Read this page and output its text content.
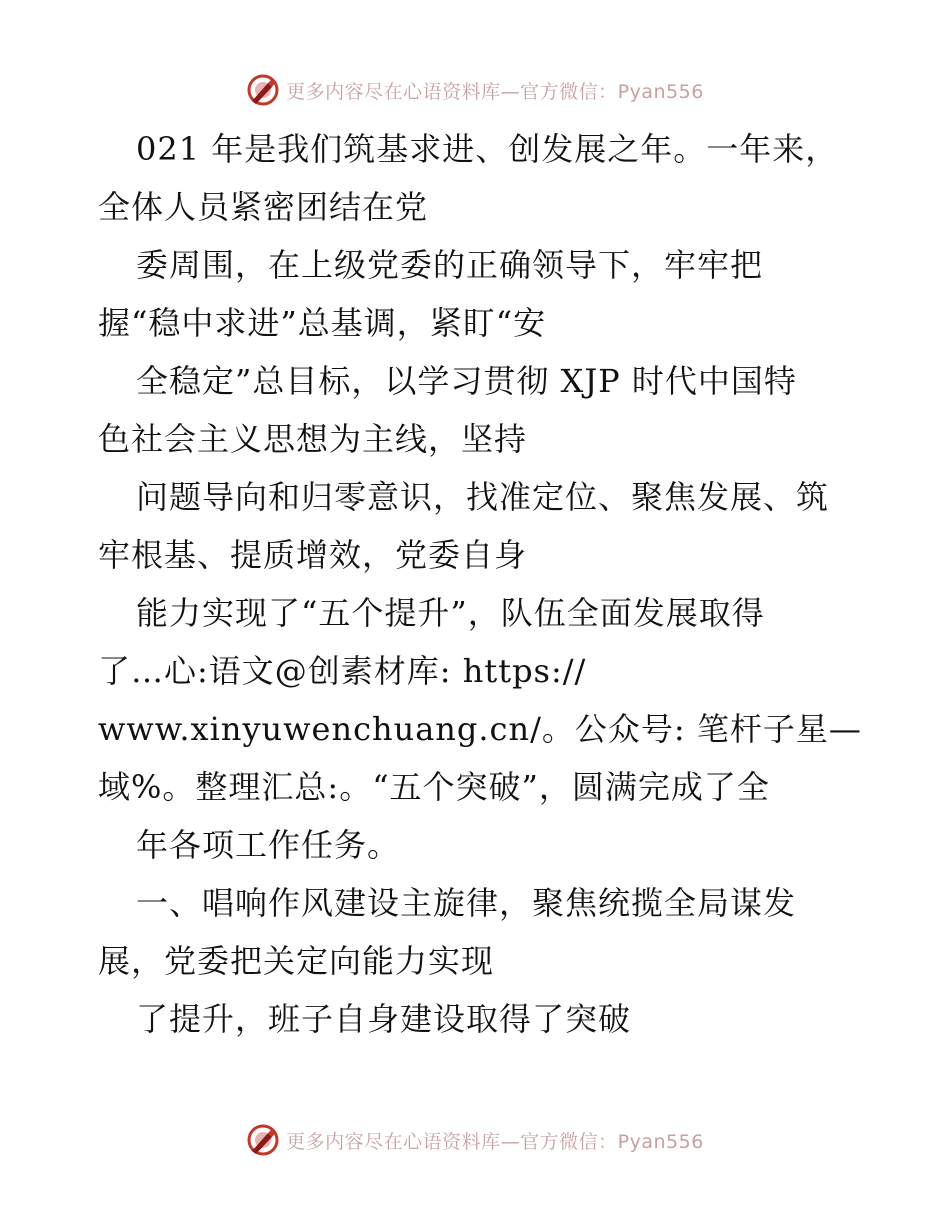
更多内容尽在心语资料库—官方微信：Pyan556
021 年是我们筑基求进、创发展之年。一年来，
全体人员紧密团结在党
委周围，在上级党委的正确领导下，牢牢把
握“稳中求进”总基调，紧盯“安
全稳定”总目标，以学习贯彻 XJP 时代中国特
色社会主义思想为主线，坚持
问题导向和归零意识，找准定位、聚焦发展、筑
牢根基、提质增效，党委自身
能力实现了“五个提升”，队伍全面发展取得
了…心:语文@创素材库: https://
www.xinyuwenchuang.cn/。公众号: 笔杆子星—
域%。整理汇总:。“五个突破”，圆满完成了全
年各项工作任务。
一、唱响作风建设主旋律，聚焦统揽全局谋发
展，党委把关定向能力实现
了提升，班子自身建设取得了突破
更多内容尽在心语资料库—官方微信：Pyan556
